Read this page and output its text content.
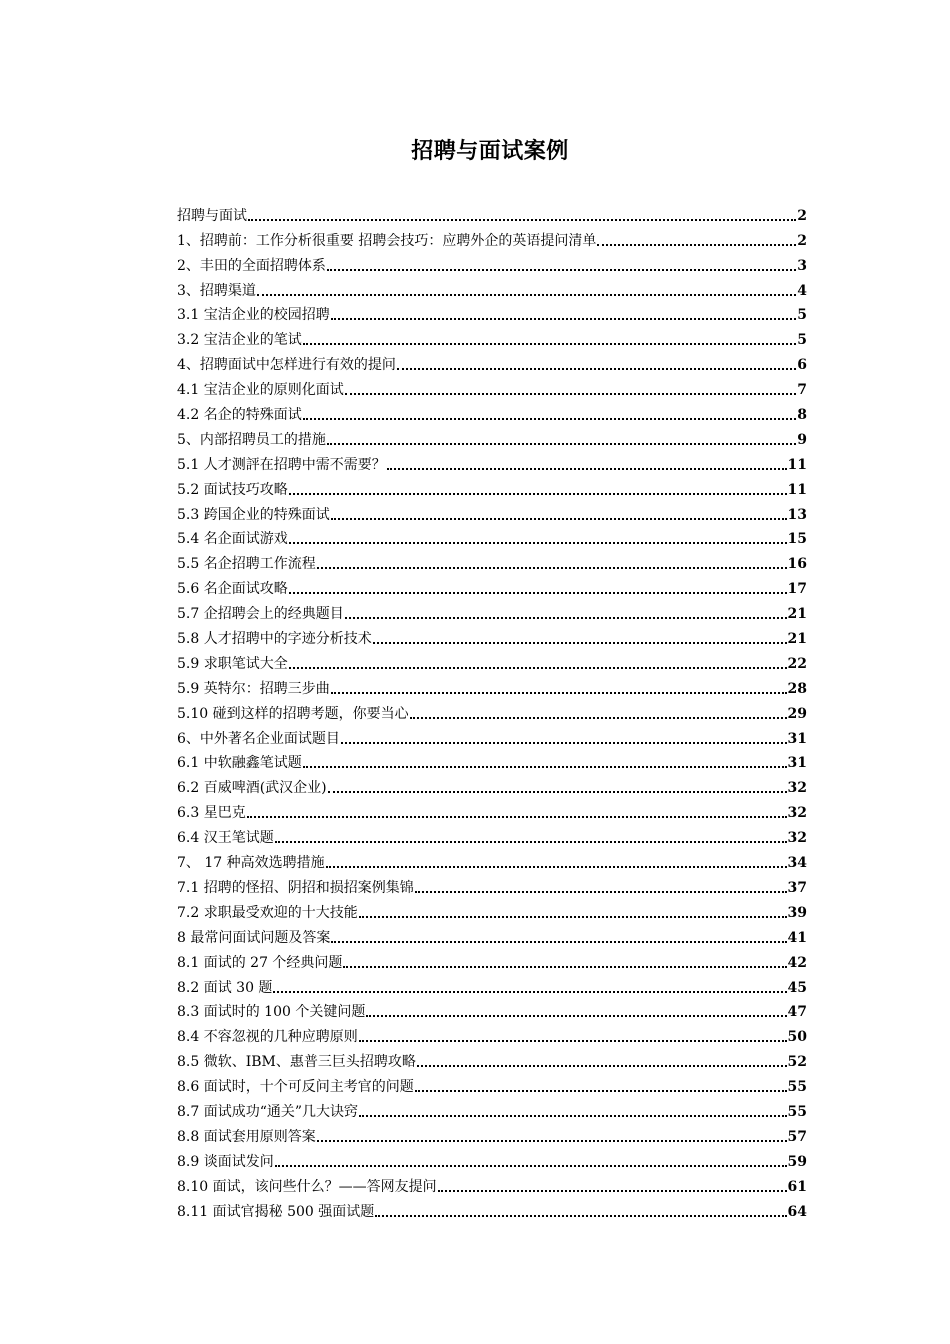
招聘与面试案例
招聘与面试	2
1、招聘前：工作分析很重要 招聘会技巧：应聘外企的英语提问清单	2
2、丰田的全面招聘体系	3
3、招聘渠道	4
3.1 宝洁企业的校园招聘	5
3.2 宝洁企业的笔试	5
4、招聘面试中怎样进行有效的提问	6
4.1 宝洁企业的原则化面试	7
4.2 名企的特殊面试	8
5、内部招聘员工的措施	9
5.1 人才测評在招聘中需不需要？	11
5.2 面试技巧攻略	11
5.3 跨国企业的特殊面试	13
5.4 名企面试游戏	15
5.5 名企招聘工作流程	16
5.6 名企面试攻略	17
5.7 企招聘会上的经典题目	21
5.8 人才招聘中的字迹分析技术	21
5.9 求职笔试大全	22
5.9 英特尔：招聘三步曲	28
5.10 碰到这样的招聘考题，你要当心	29
6、中外著名企业面试题目	31
6.1 中软融鑫笔试题	31
6.2 百威啤酒(武汉企业)	32
6.3 星巴克	32
6.4 汉王笔试题	32
7、 17 种高效选聘措施	34
7.1 招聘的怪招、阴招和损招案例集锦	37
7.2 求职最受欢迎的十大技能	39
8 最常问面试问题及答案	41
8.1 面试的 27 个经典问题	42
8.2 面试 30 题	45
8.3 面试时的 100 个关键问题	47
8.4 不容忽视的几种应聘原则	50
8.5 微软、IBM、惠普三巨头招聘攻略	52
8.6 面试时，十个可反问主考官的问题	55
8.7 面试成功“通关”几大诀窍	55
8.8 面试套用原则答案	57
8.9 谈面试发问	59
8.10 面试，该问些什么？——答网友提问	61
8.11 面试官揭秘 500 强面试题	64
